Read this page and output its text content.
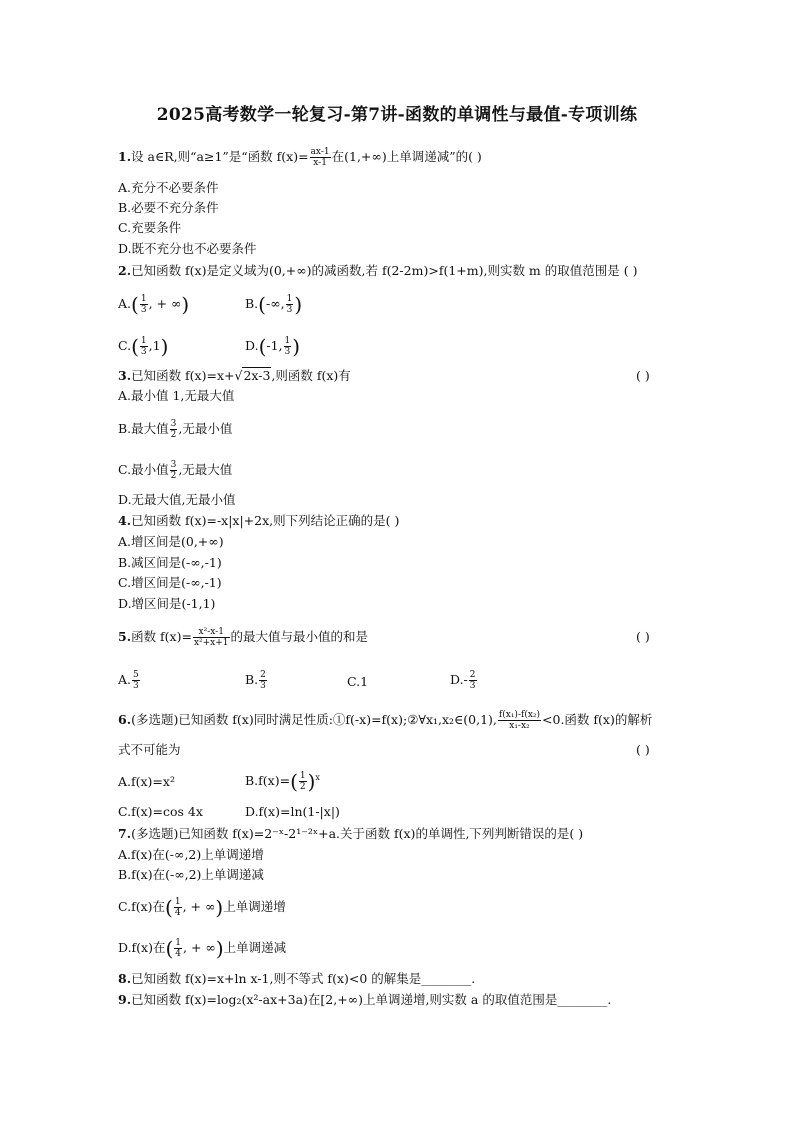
2025高考数学一轮复习-第7讲-函数的单调性与最值-专项训练
1.设 a∈R,则“a≥1”是“函数 $f(x)= \frac{ax-1}{x-1}$ 在(1,+∞)上单调递减”的( )
A.充分不必要条件
B.必要不充分条件
C.充要条件
D.既不充分也不必要条件
2.已知函数 f(x)是定义域为(0,+∞)的减函数,若 f(2-2m)>f(1+m),则实数 m 的取值范围是 ( )
$A.( \frac{1}{3}$ , + ∞)	B.(-∞, $\frac{1}{3}$ )
$C.( \frac{1}{3} ,1)$	D.(-1, $\frac{1}{3}$ )
3.已知函数 f(x)=x+√2x-3,则函数 f(x)有	( )
A.最小值 1,无最大值
B.最大值 $\frac{3}{2}$ ,无最小值
C.最小值 $\frac{3}{2}$ ,无最大值
D.无最大值,无最小值
4.已知函数 f(x)=-x|x|+2x,则下列结论正确的是( )
A.增区间是(0,+∞)
B.减区间是(-∞,-1)
C.增区间是(-∞,-1)
D.增区间是(-1,1)
5.函数 $f(x)= \frac{\text{x²-x-1}}{\text{x²+x+1}}$ 的最大值与最小值的和是	( )
A. $\frac{5}{3}$	B. $\frac{2}{3}$	C.1	$D.- \frac{2}{3}$
6.(多选题)已知函数 f(x)同时满足性质:①f(-x)=f(x);②∀x₁,x₂∈(0,1), $\frac{\text{f(x₁)-f(x₂)}}{\text{x₁-x₂}} <0$.函数 f(x)的解析
式不可能为	( )
A.f(x)=x²	$B.f(x)=( \frac{1}{2} )^x$
C.f(x)=cos 4x	D.f(x)=ln(1-|x|)
7.(多选题)已知函数 f(x)=2⁻ˣ-2¹⁻²ˣ+a.关于函数 f(x)的单调性,下列判断错误的是( )
A.f(x)在(-∞,2)上单调递增
B.f(x)在(-∞,2)上单调递减
C.f(x)在( $\frac{1}{4}$ , + ∞)上单调递增
D.f(x)在( $\frac{1}{4}$ , + ∞)上单调递减
8.已知函数 f(x)=x+ln x-1,则不等式 f(x)<0 的解集是________.
9.已知函数 f(x)=log₂(x²-ax+3a)在[2,+∞)上单调递增,则实数 a 的取值范围是________.
